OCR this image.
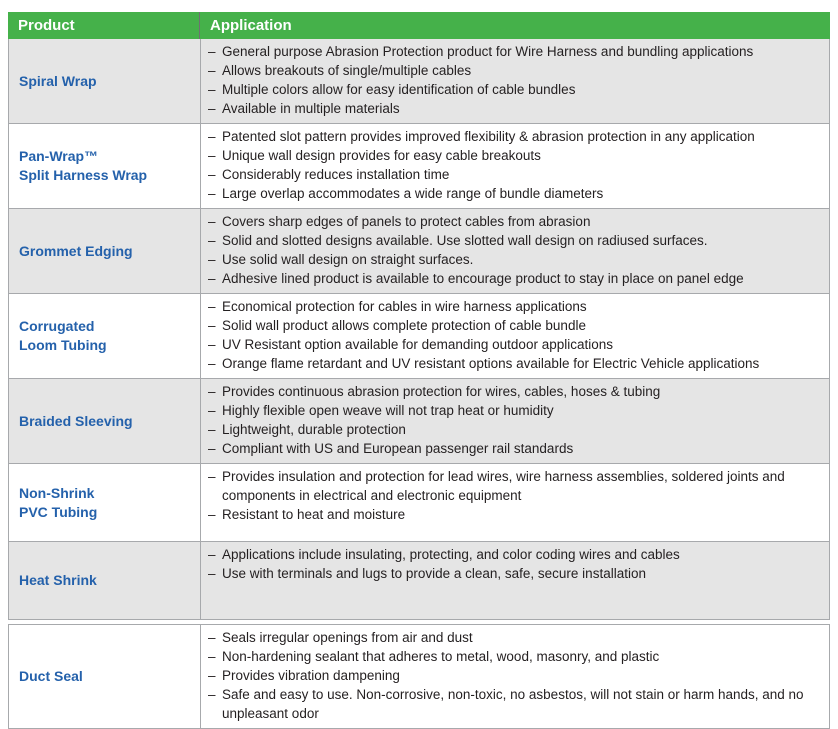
Product	Application
Spiral Wrap
– General purpose Abrasion Protection product for Wire Harness and bundling applications
– Allows breakouts of single/multiple cables
– Multiple colors allow for easy identification of cable bundles
– Available in multiple materials
Pan-Wrap™
Split Harness Wrap
– Patented slot pattern provides improved flexibility & abrasion protection in any application
– Unique wall design provides for easy cable breakouts
– Considerably reduces installation time
– Large overlap accommodates a wide range of bundle diameters
Grommet Edging
– Covers sharp edges of panels to protect cables from abrasion
– Solid and slotted designs available. Use slotted wall design on radiused surfaces.
– Use solid wall design on straight surfaces.
– Adhesive lined product is available to encourage product to stay in place on panel edge
Corrugated
Loom Tubing
– Economical protection for cables in wire harness applications
– Solid wall product allows complete protection of cable bundle
– UV Resistant option available for demanding outdoor applications
– Orange flame retardant and UV resistant options available for Electric Vehicle applications
Braided Sleeving
– Provides continuous abrasion protection for wires, cables, hoses & tubing
– Highly flexible open weave will not trap heat or humidity
– Lightweight, durable protection
– Compliant with US and European passenger rail standards
Non-Shrink
PVC Tubing
– Provides insulation and protection for lead wires, wire harness assemblies, soldered joints and components in electrical and electronic equipment
– Resistant to heat and moisture
Heat Shrink
– Applications include insulating, protecting, and color coding wires and cables
– Use with terminals and lugs to provide a clean, safe, secure installation
Duct Seal
– Seals irregular openings from air and dust
– Non-hardening sealant that adheres to metal, wood, masonry, and plastic
– Provides vibration dampening
– Safe and easy to use. Non-corrosive, non-toxic, no asbestos, will not stain or harm hands, and no unpleasant odor
